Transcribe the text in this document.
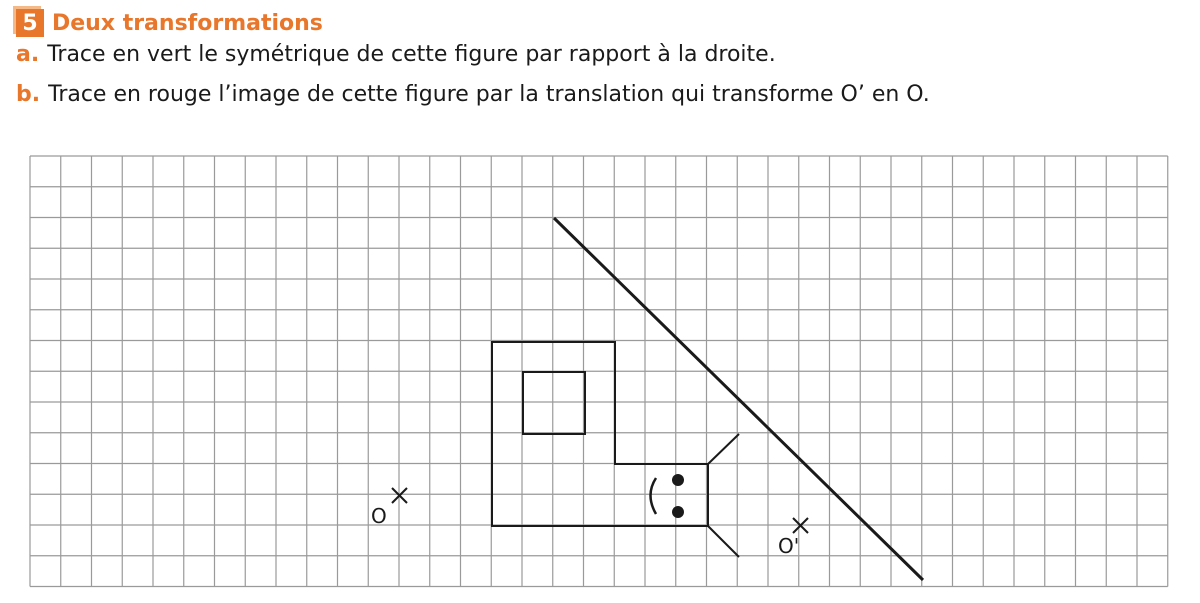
5 Deux transformations
a. Trace en vert le symétrique de cette figure par rapport à la droite.
b. Trace en rouge l’image de cette figure par la translation qui transforme O’ en O.
O
O'
